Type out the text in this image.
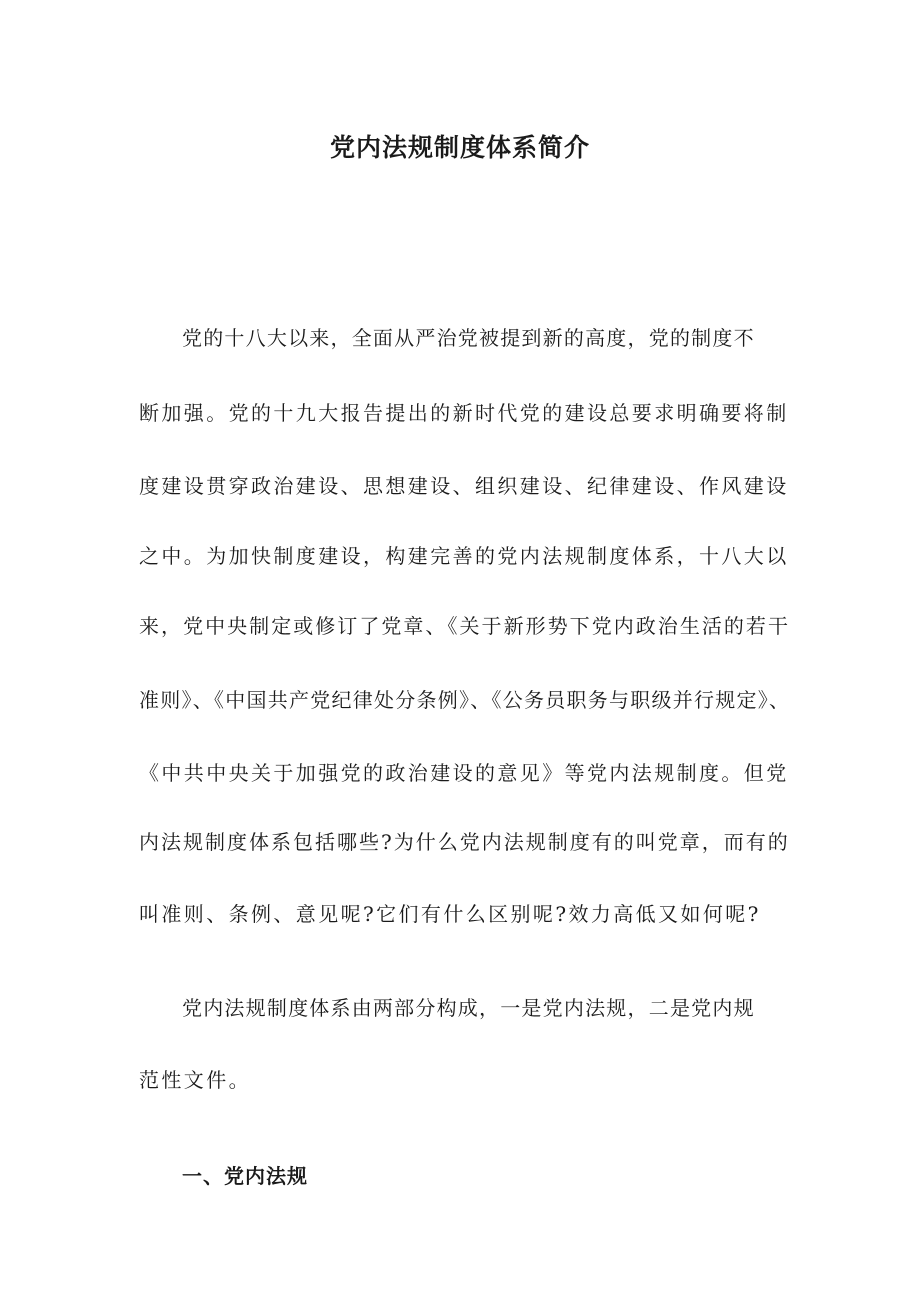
党内法规制度体系简介
党的十八大以来，全面从严治党被提到新的高度，党的制度不
断加强。党的十九大报告提出的新时代党的建设总要求明确要将制
度建设贯穿政治建设、思想建设、组织建设、纪律建设、作风建设
之中。为加快制度建设，构建完善的党内法规制度体系，十八大以
来，党中央制定或修订了党章、《关于新形势下党内政治生活的若干
准则》、《中国共产党纪律处分条例》、《公务员职务与职级并行规定》、
《中共中央关于加强党的政治建设的意见》等党内法规制度。但党
内法规制度体系包括哪些?为什么党内法规制度有的叫党章，而有的
叫准则、条例、意见呢?它们有什么区别呢?效力高低又如何呢?
党内法规制度体系由两部分构成，一是党内法规，二是党内规
范性文件。
一、党内法规
